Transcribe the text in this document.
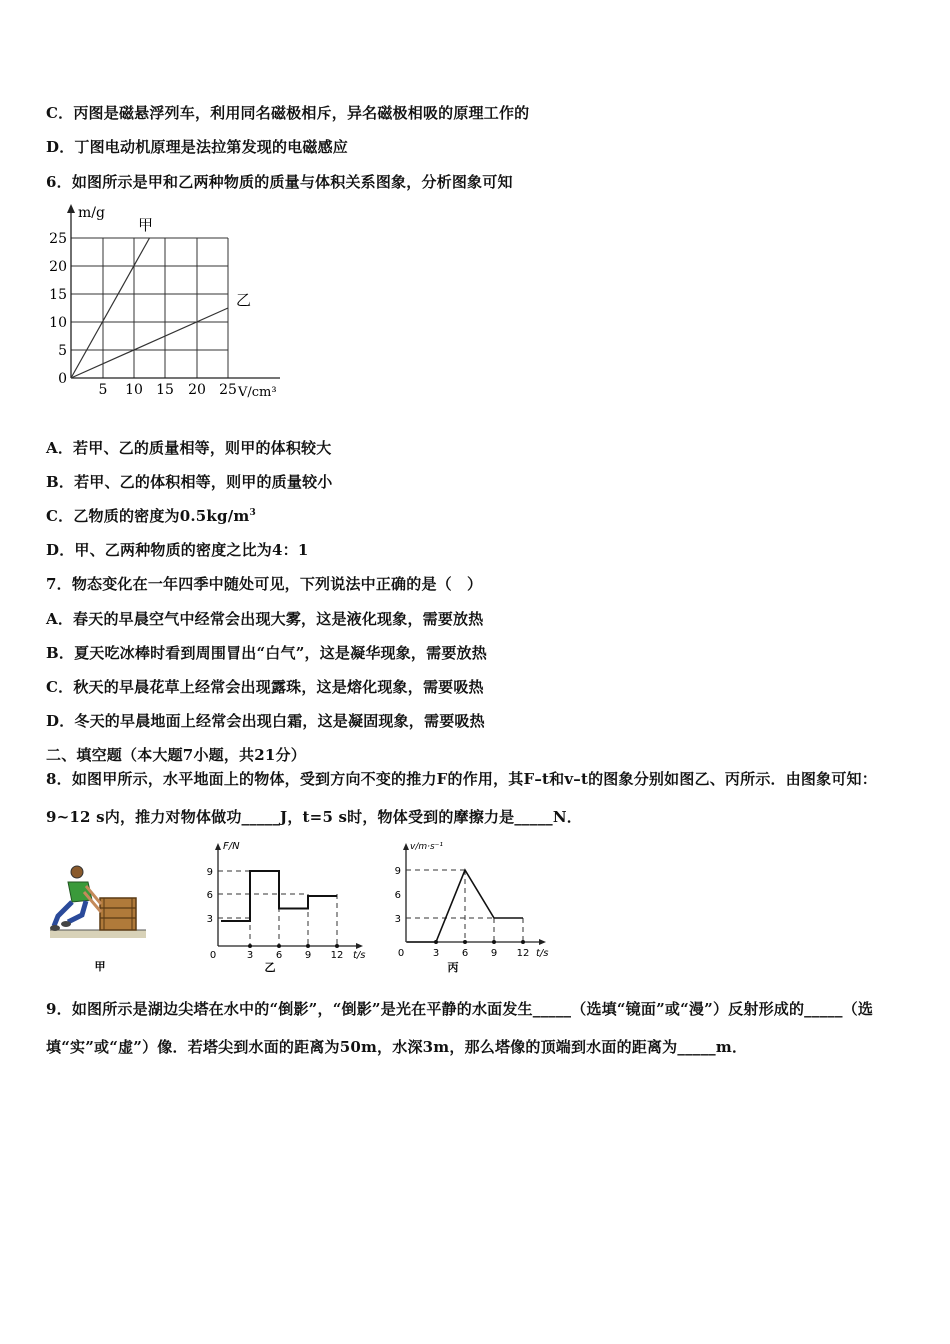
C．丙图是磁悬浮列车，利用同名磁极相斥，异名磁极相吸的原理工作的
D．丁图电动机原理是法拉第发现的电磁感应
6．如图所示是甲和乙两种物质的质量与体积关系图象，分析图象可知
m/g
V/cm³
甲
乙
25
20
15
10
5
0
5 10 15 20 25
A．若甲、乙的质量相等，则甲的体积较大
B．若甲、乙的体积相等，则甲的质量较小
C．乙物质的密度为$0.5kg/m^3$
D．甲、乙两种物质的密度之比为4：1
7．物态变化在一年四季中随处可见，下列说法中正确的是（　）
A．春天的早晨空气中经常会出现大雾，这是液化现象，需要放热
B．夏天吃冰棒时看到周围冒出“白气”，这是凝华现象，需要放热
C．秋天的早晨花草上经常会出现露珠，这是熔化现象，需要吸热
D．冬天的早晨地面上经常会出现白霜，这是凝固现象，需要吸热
二、填空题（本大题7小题，共21分）
8．如图甲所示，水平地面上的物体，受到方向不变的推力F的作用，其F–t和v–t的图象分别如图乙、丙所示．由图象可知：9~12 s内，推力对物体做功_____J，t=5 s时，物体受到的摩擦力是_____N．
甲
F/N
t/s
9
6
3
0	3 6 9 12
乙
v/m·s⁻¹
t/s
9
6
3
0	3 6 9 12
丙
9．如图所示是湖边尖塔在水中的“倒影”，“倒影”是光在平静的水面发生_____（选填“镜面”或“漫”）反射形成的_____（选填“实”或“虚”）像．若塔尖到水面的距离为50m，水深3m，那么塔像的顶端到水面的距离为_____m．
